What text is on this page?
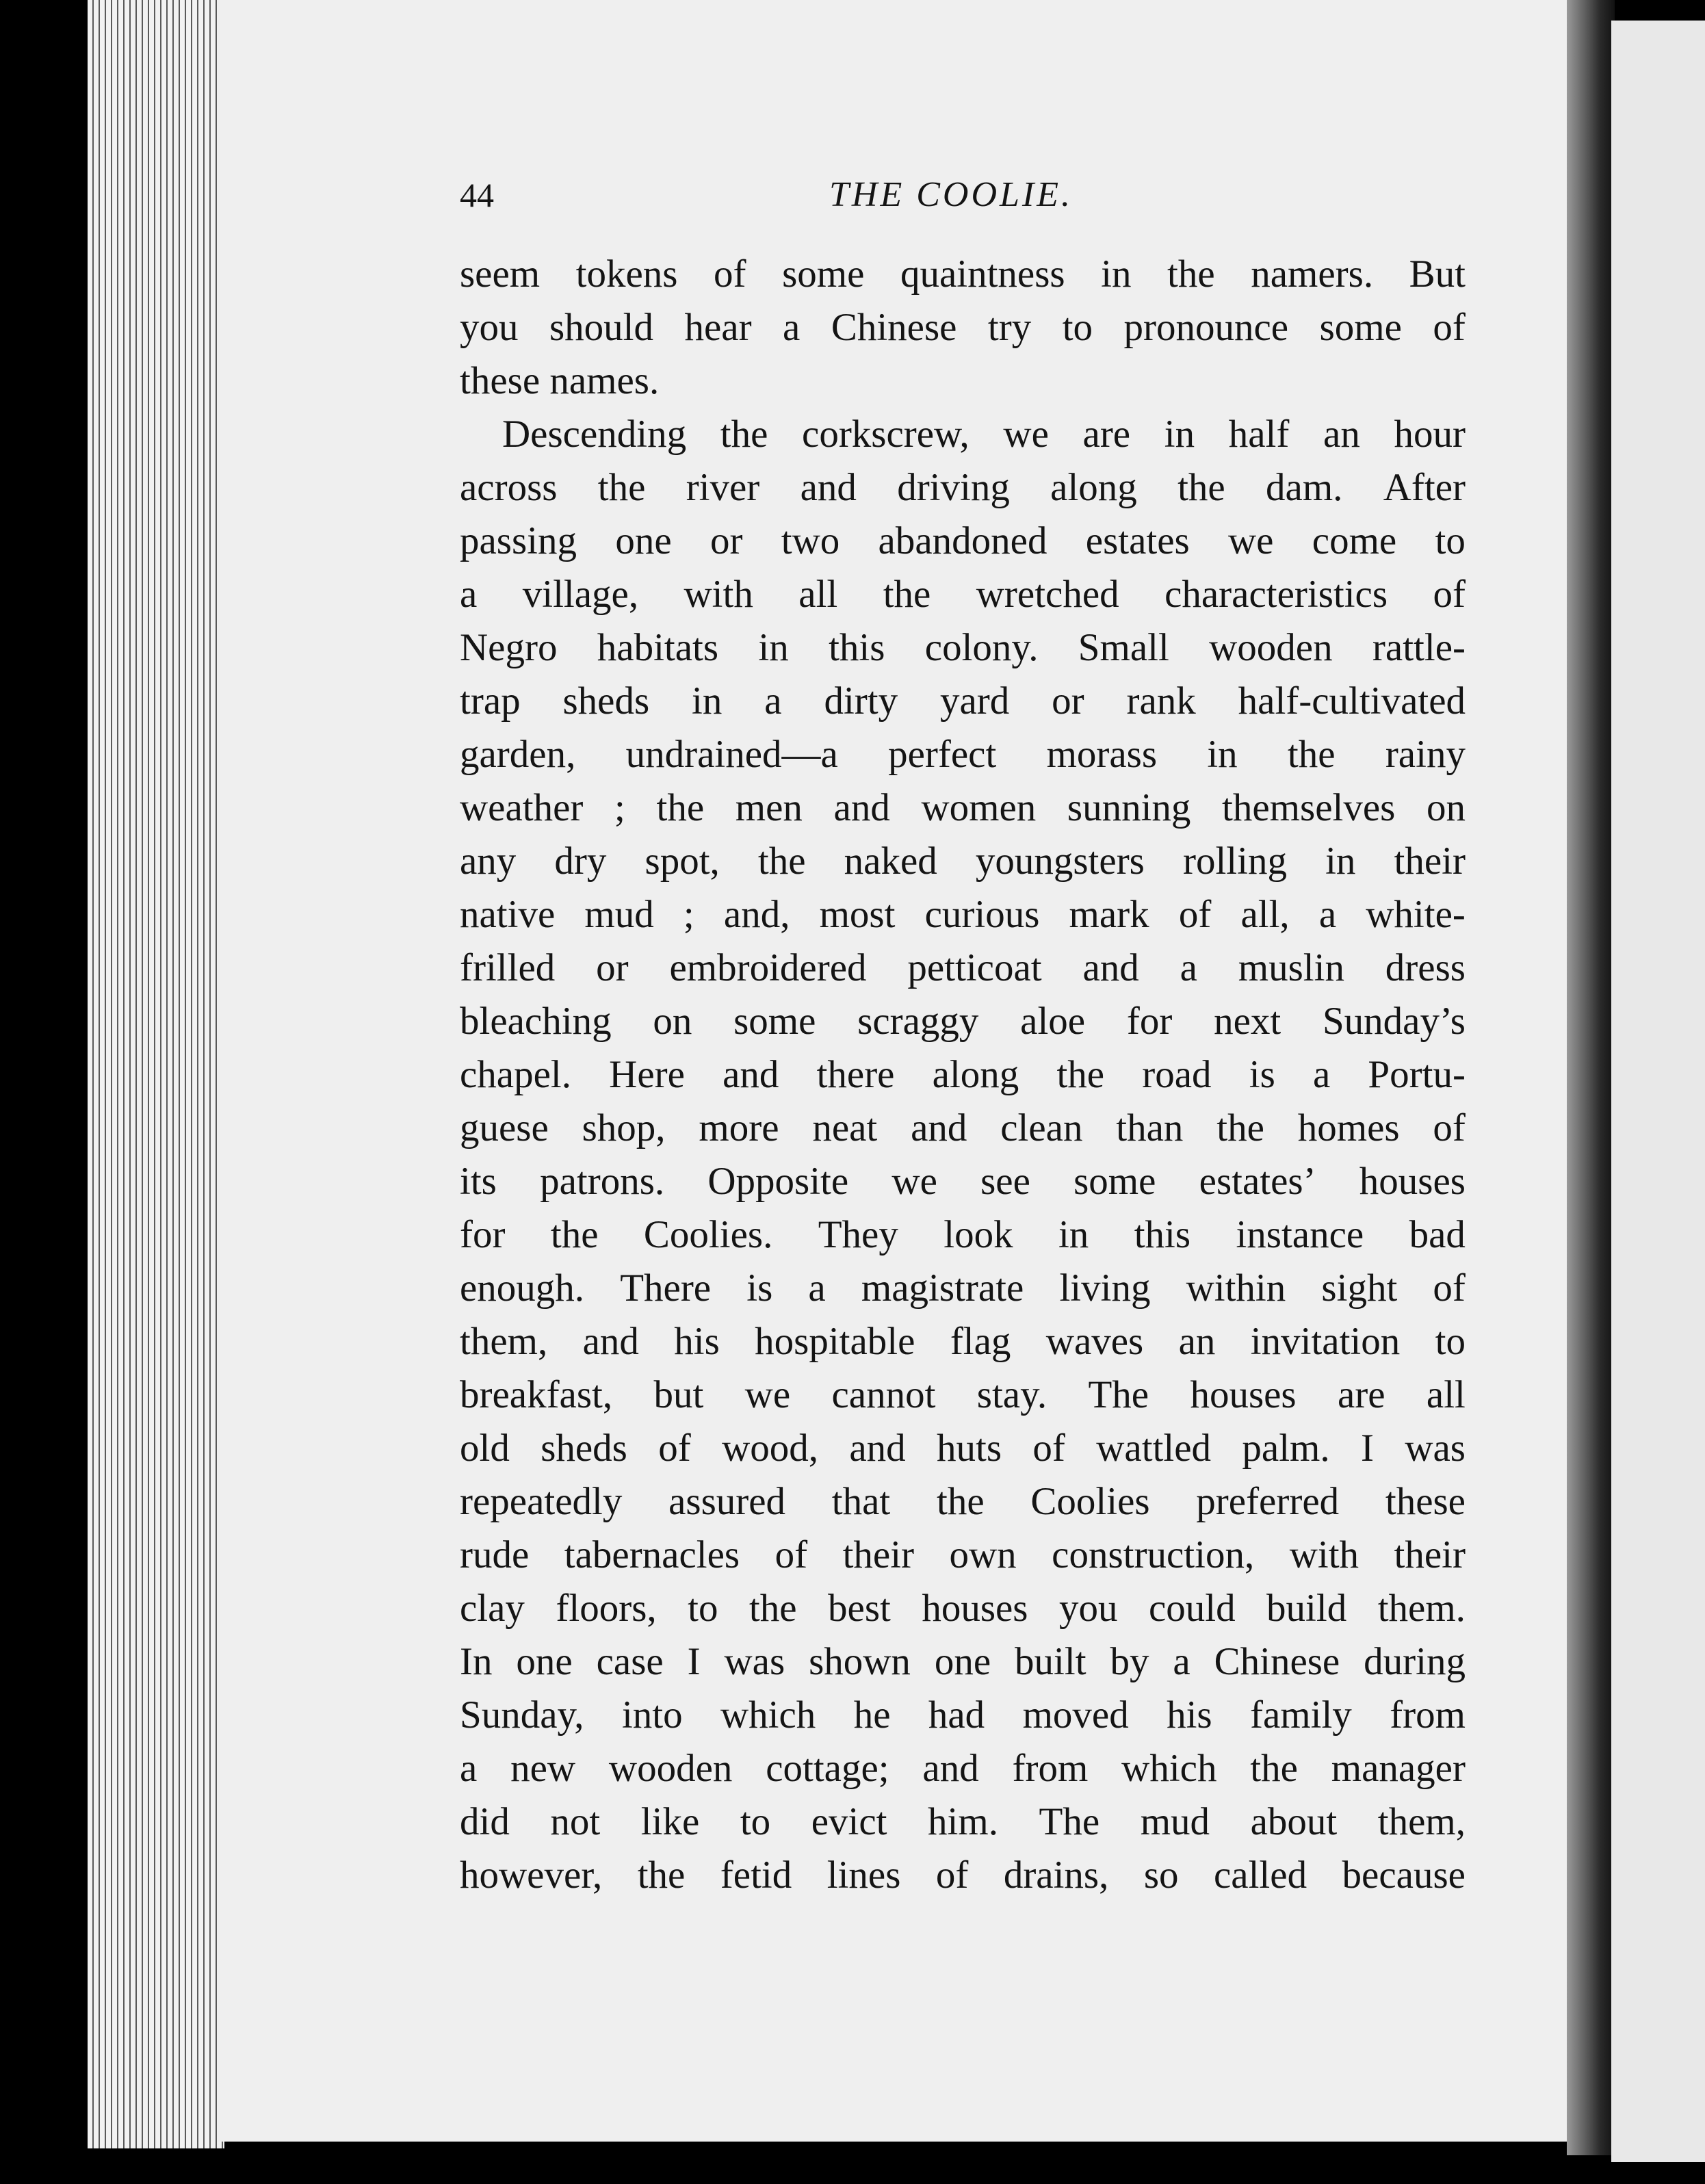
44	THE COOLIE.
seem tokens of some quaintness in the namers. But
you should hear a Chinese try to pronounce some of
these names.
Descending the corkscrew, we are in half an hour
across the river and driving along the dam. After
passing one or two abandoned estates we come to
a village, with all the wretched characteristics of
Negro habitats in this colony. Small wooden rattle-
trap sheds in a dirty yard or rank half-cultivated
garden, undrained—a perfect morass in the rainy
weather ; the men and women sunning themselves on
any dry spot, the naked youngsters rolling in their
native mud ; and, most curious mark of all, a white-
frilled or embroidered petticoat and a muslin dress
bleaching on some scraggy aloe for next Sunday’s
chapel. Here and there along the road is a Portu-
guese shop, more neat and clean than the homes of
its patrons. Opposite we see some estates’ houses
for the Coolies. They look in this instance bad
enough. There is a magistrate living within sight of
them, and his hospitable flag waves an invitation to
breakfast, but we cannot stay. The houses are all
old sheds of wood, and huts of wattled palm. I was
repeatedly assured that the Coolies preferred these
rude tabernacles of their own construction, with their
clay floors, to the best houses you could build them.
In one case I was shown one built by a Chinese during
Sunday, into which he had moved his family from
a new wooden cottage; and from which the manager
did not like to evict him. The mud about them,
however, the fetid lines of drains, so called because
